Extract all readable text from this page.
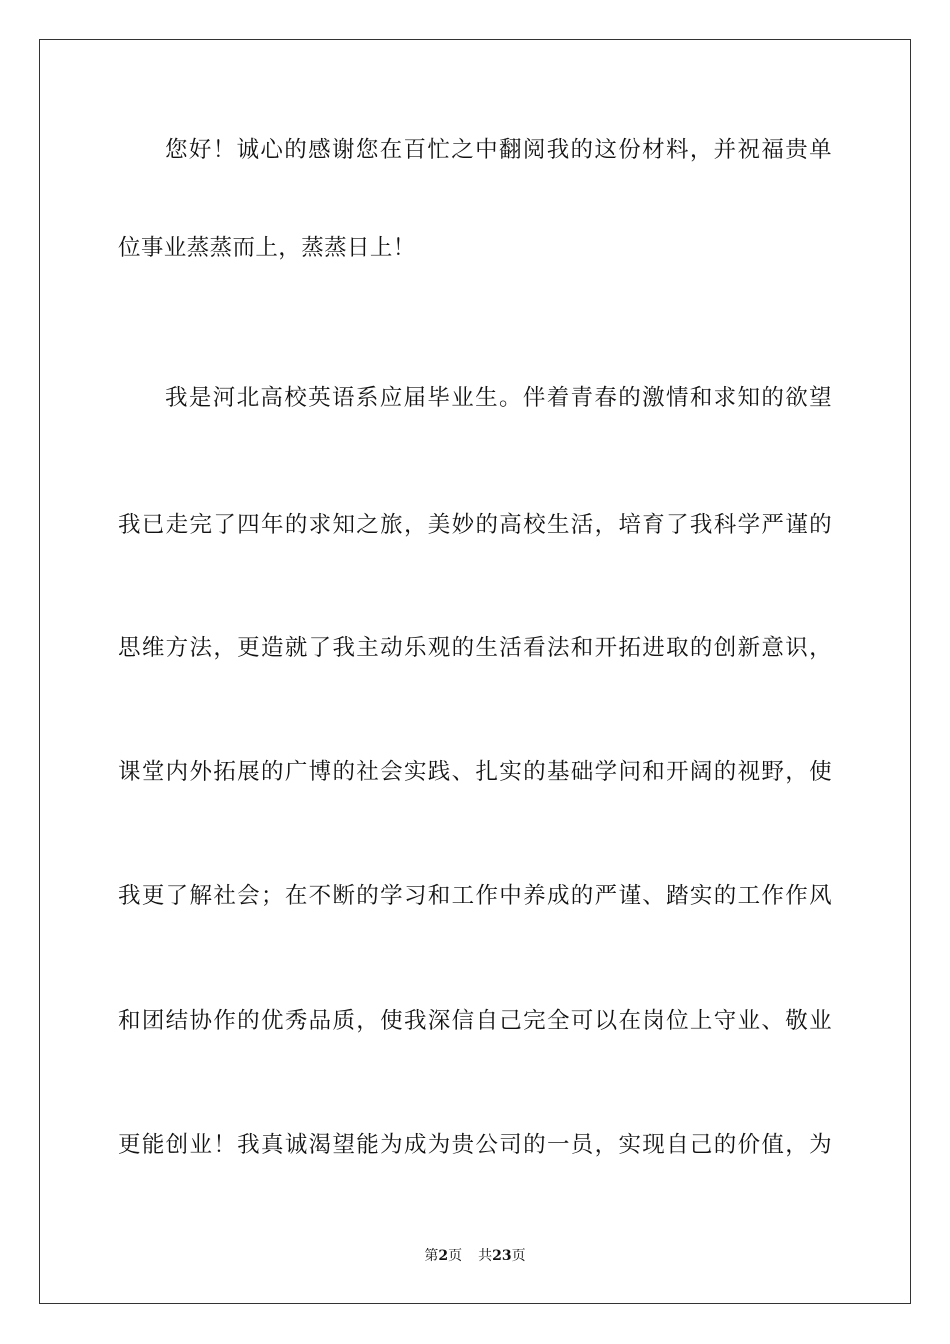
您好！诚心的感谢您在百忙之中翻阅我的这份材料，并祝福贵单
位事业蒸蒸而上，蒸蒸日上！
我是河北高校英语系应届毕业生。伴着青春的激情和求知的欲望
我已走完了四年的求知之旅，美妙的高校生活，培育了我科学严谨的
思维方法，更造就了我主动乐观的生活看法和开拓进取的创新意识，
课堂内外拓展的广博的社会实践、扎实的基础学问和开阔的视野，使
我更了解社会；在不断的学习和工作中养成的严谨、踏实的工作作风
和团结协作的优秀品质，使我深信自己完全可以在岗位上守业、敬业
更能创业！我真诚渴望能为成为贵公司的一员，实现自己的价值，为
第2页 共23页
